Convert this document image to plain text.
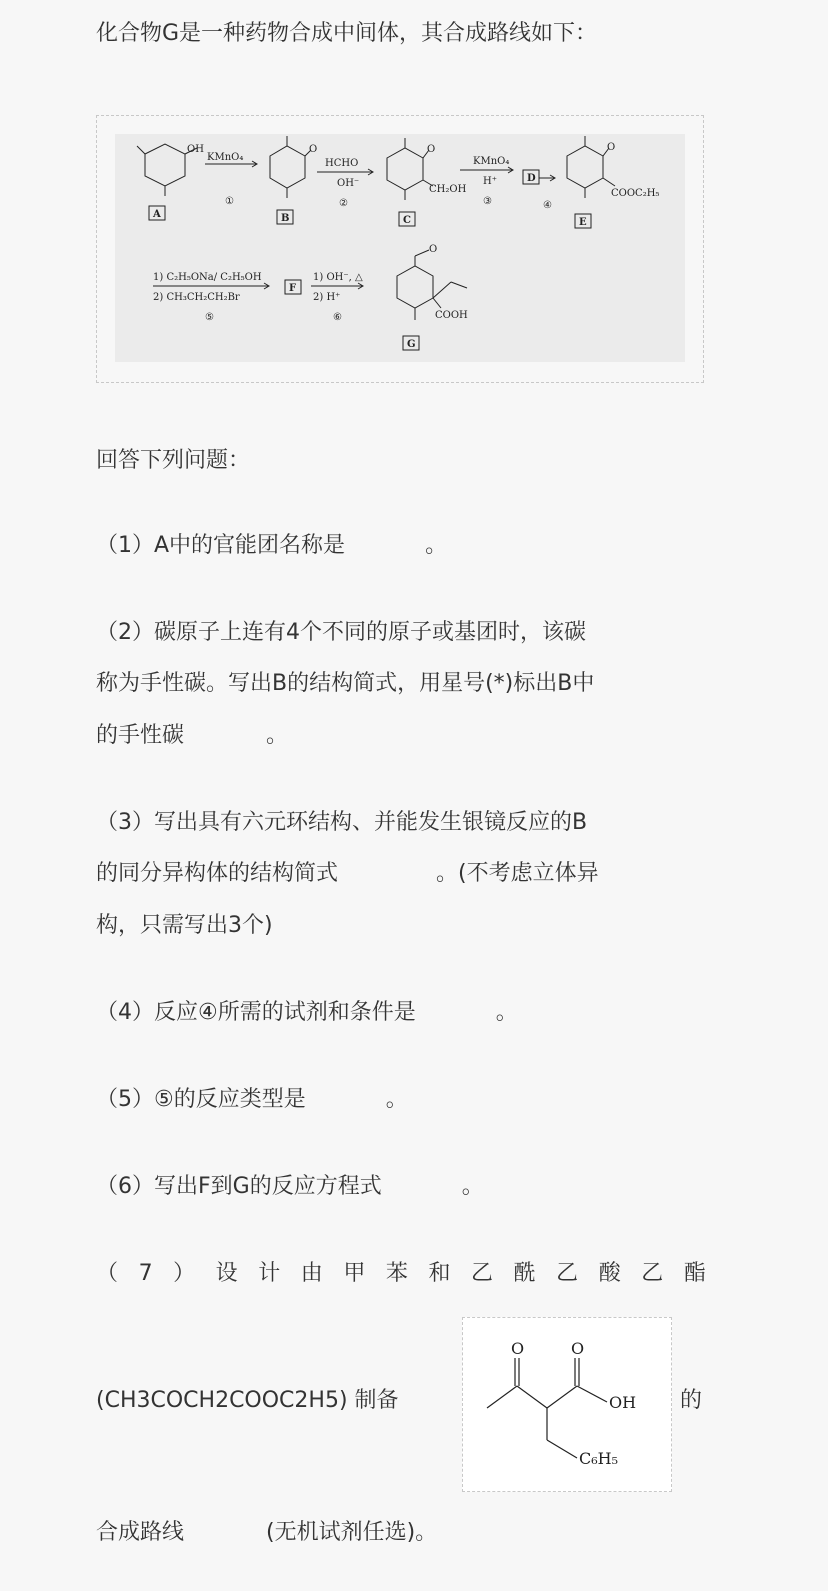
化合物G是一种药物合成中间体，其合成路线如下：
OH	O	O
CH₂OH
O
COOC₂H₅
O
COOH
KMnO₄
①
HCHO
OH⁻
②
KMnO₄
H⁺
③	④
1) C₂H₅ONa/ C₂H₅OH
2) CH₃CH₂CH₂Br
⑤
1) OH⁻, △
2) H⁺
⑥
A	B	C
D
E
F
G
回答下列问题：
（1）A中的官能团名称是	。
（2）碳原子上连有4个不同的原子或基团时，该碳
称为手性碳。写出B的结构简式，用星号(*)标出B中
的手性碳	。
（3）写出具有六元环结构、并能发生银镜反应的B
的同分异构体的结构简式	。(不考虑立体异
构，只需写出3个)
（4）反应④所需的试剂和条件是	。
（5）⑤的反应类型是	。
（6）写出F到G的反应方程式	。
（ 7 ） 设 计 由 甲 苯 和 乙 酰 乙 酸 乙 酯
(CH3COCH2COOC2H5) 制备
O	O
OH
C₆H₅
的
合成路线	(无机试剂任选)。
